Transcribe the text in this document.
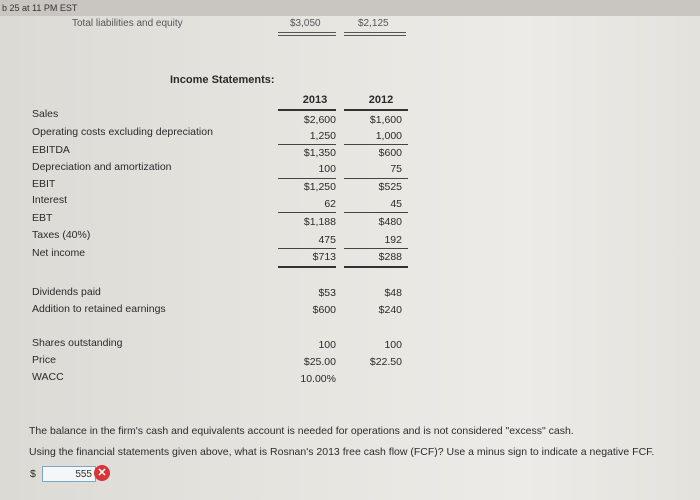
b 25 at 11 PM EST
Total liabilities and equity	$3,050	$2,125
Income Statements:
2013	2012
Sales	$2,600	$1,600
Operating costs excluding depreciation	1,250	1,000
EBITDA	$1,350	$600
Depreciation and amortization	100	75
EBIT	$1,250	$525
Interest	62	45
EBT	$1,188	$480
Taxes (40%)	475	192
Net income	$713	$288
Dividends paid	$53	$48
Addition to retained earnings	$600	$240
Shares outstanding	100	100
Price	$25.00	$22.50
WACC	10.00%
The balance in the firm's cash and equivalents account is needed for operations and is not considered "excess" cash.
Using the financial statements given above, what is Rosnan's 2013 free cash flow (FCF)? Use a minus sign to indicate a negative FCF.
$
555	✕
